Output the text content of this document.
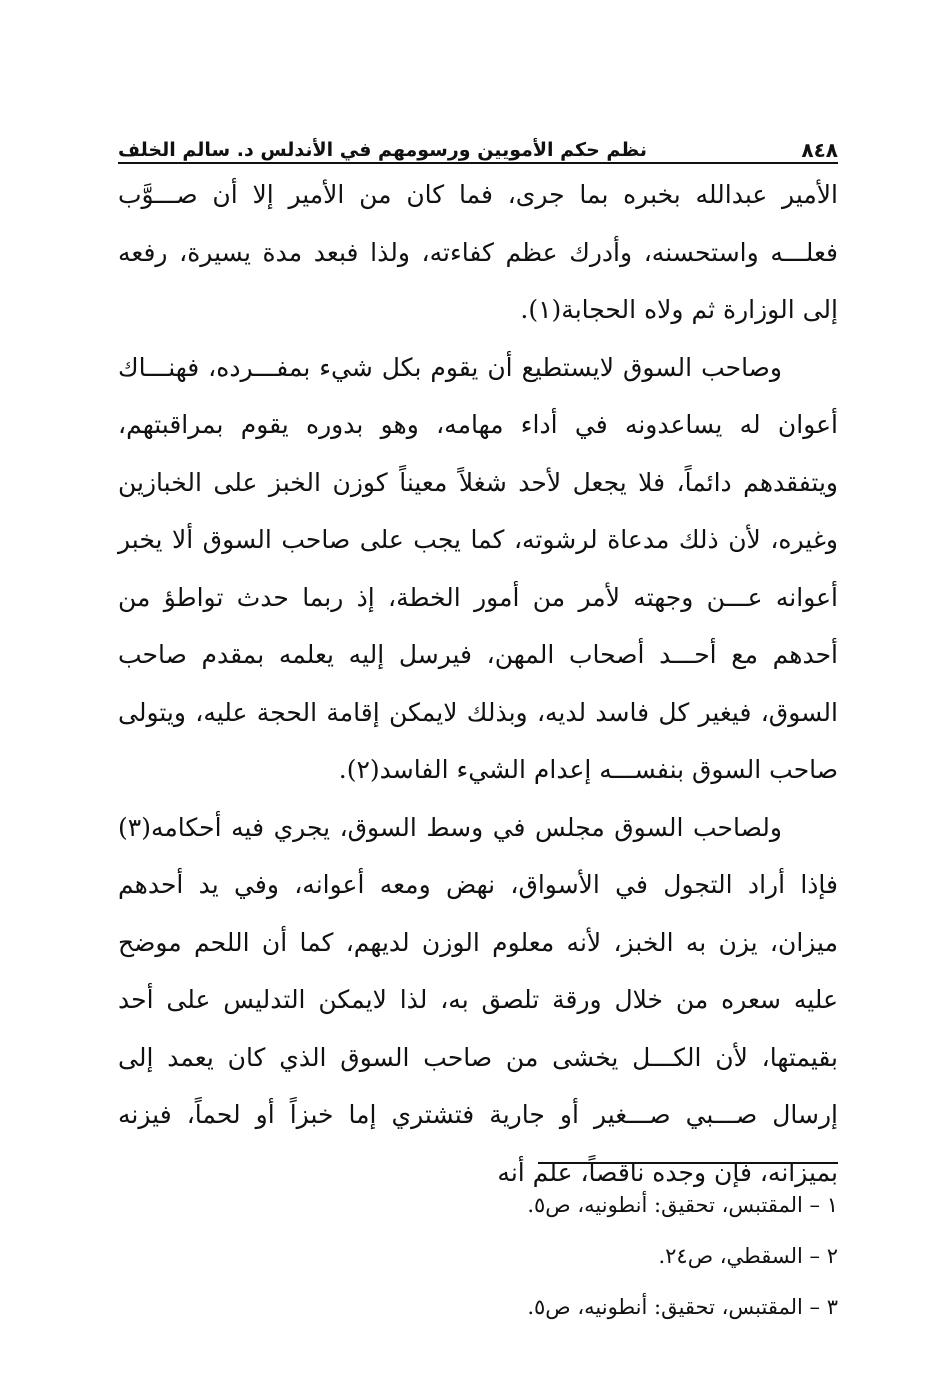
٨٤٨
نظم حكم الأمويين ورسومهم في الأندلس د. سالم الخلف

الأمير عبدالله بخبره بما جرى، فما كان من الأمير إلا أن صـــوَّب فعلـــه واستحسنه، وأدرك عظم كفاءته، ولذا فبعد مدة يسيرة، رفعه إلى الوزارة ثم ولاه الحجابة(١).

وصاحب السوق لايستطيع أن يقوم بكل شيء بمفـــرده، فهنـــاك أعوان له يساعدونه في أداء مهامه، وهو بدوره يقوم بمراقبتهم، ويتفقدهم دائماً، فلا يجعل لأحد شغلاً معيناً كوزن الخبز على الخبازين وغيره، لأن ذلك مدعاة لرشوته، كما يجب على صاحب السوق ألا يخبر أعوانه عـــن وجهته لأمر من أمور الخطة، إذ ربما حدث تواطؤ من أحدهم مع أحـــد أصحاب المهن، فيرسل إليه يعلمه بمقدم صاحب السوق، فيغير كل فاسد لديه، وبذلك لايمكن إقامة الحجة عليه، ويتولى صاحب السوق بنفســـه إعدام الشيء الفاسد(٢).

ولصاحب السوق مجلس في وسط السوق، يجري فيه أحكامه(٣) فإذا أراد التجول في الأسواق، نهض ومعه أعوانه، وفي يد أحدهم ميزان، يزن به الخبز، لأنه معلوم الوزن لديهم، كما أن اللحم موضح عليه سعره من خلال ورقة تلصق به، لذا لايمكن التدليس على أحد بقيمتها، لأن الكـــل يخشى من صاحب السوق الذي كان يعمد إلى إرسال صـــبي صـــغير أو جارية فتشتري إما خبزاً أو لحماً، فيزنه بميزانه، فإن وجده ناقصاً، علم أنه

١ – المقتبس، تحقيق: أنطونيه، ص٥.

٢ – السقطي، ص٢٤.

٣ – المقتبس، تحقيق: أنطونيه، ص٥.
